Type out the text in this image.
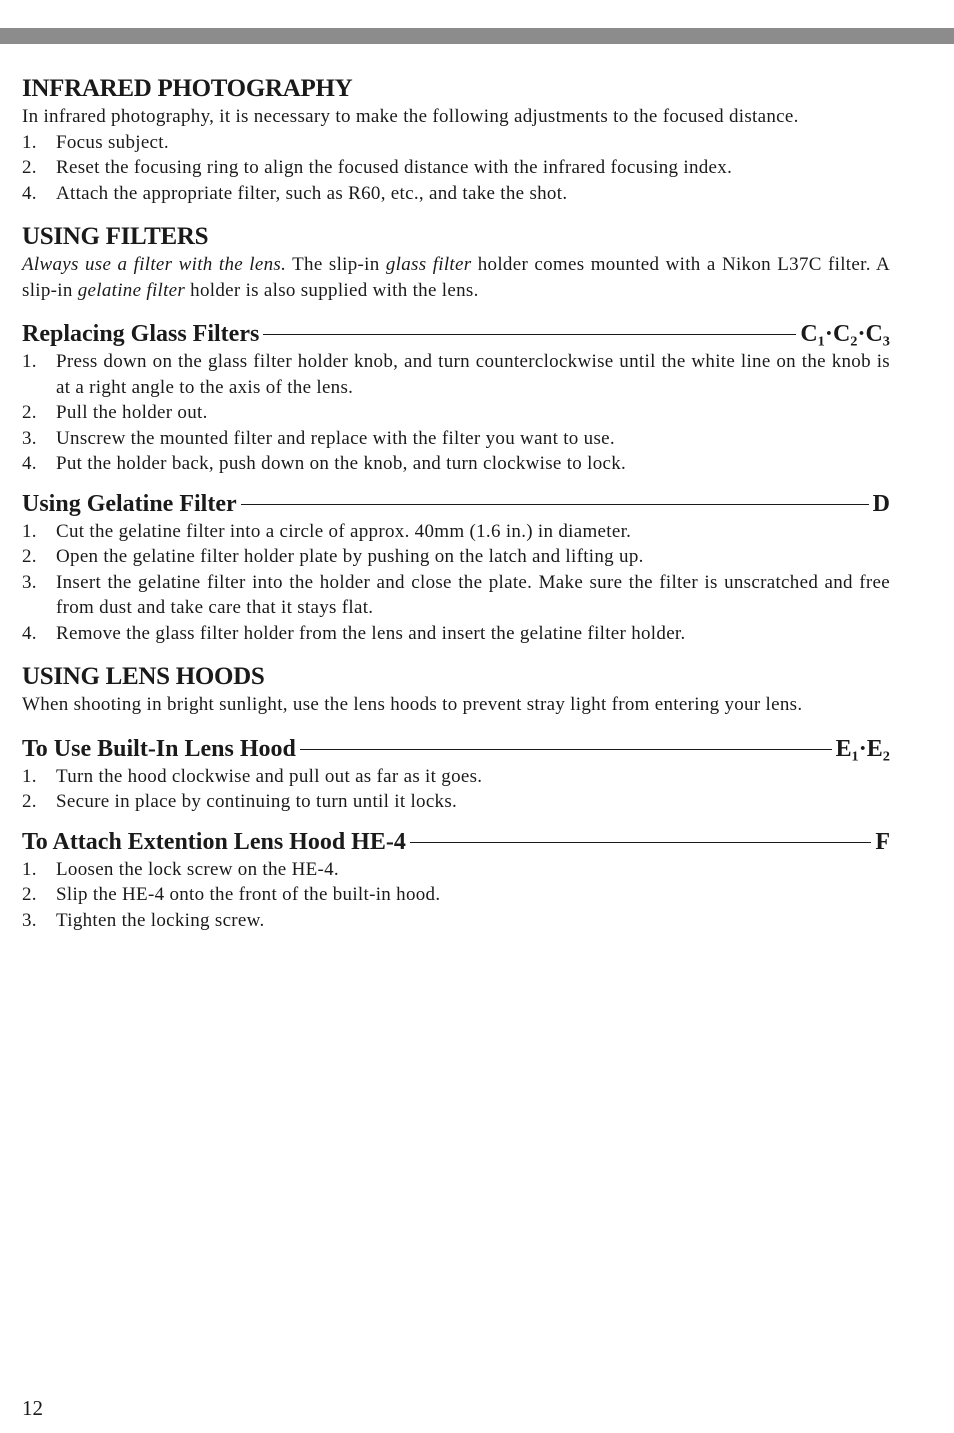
INFRARED PHOTOGRAPHY

In infrared photography, it is necessary to make the following adjustments to the focused distance.

1. Focus subject.
2. Reset the focusing ring to align the focused distance with the infrared focusing index.
4. Attach the appropriate filter, such as R60, etc., and take the shot.
USING FILTERS

Always use a filter with the lens. The slip-in glass filter holder comes mounted with a Nikon L37C filter. A slip-in gelatine filter holder is also supplied with the lens.

Replacing Glass Filters	C₁·C₂·C₃
1. Press down on the glass filter holder knob, and turn counterclockwise until the white line on the knob is at a right angle to the axis of the lens.
2. Pull the holder out.
3. Unscrew the mounted filter and replace with the filter you want to use.
4. Put the holder back, push down on the knob, and turn clockwise to lock.
Using Gelatine Filter	D
1. Cut the gelatine filter into a circle of approx. 40mm (1.6 in.) in diameter.
2. Open the gelatine filter holder plate by pushing on the latch and lifting up.
3. Insert the gelatine filter into the holder and close the plate. Make sure the filter is unscratched and free from dust and take care that it stays flat.
4. Remove the glass filter holder from the lens and insert the gelatine filter holder.
USING LENS HOODS

When shooting in bright sunlight, use the lens hoods to prevent stray light from entering your lens.

To Use Built-In Lens Hood	E₁·E₂
1. Turn the hood clockwise and pull out as far as it goes.
2. Secure in place by continuing to turn until it locks.
To Attach Extention Lens Hood HE-4	F
1. Loosen the lock screw on the HE-4.
2. Slip the HE-4 onto the front of the built-in hood.
3. Tighten the locking screw.
12
